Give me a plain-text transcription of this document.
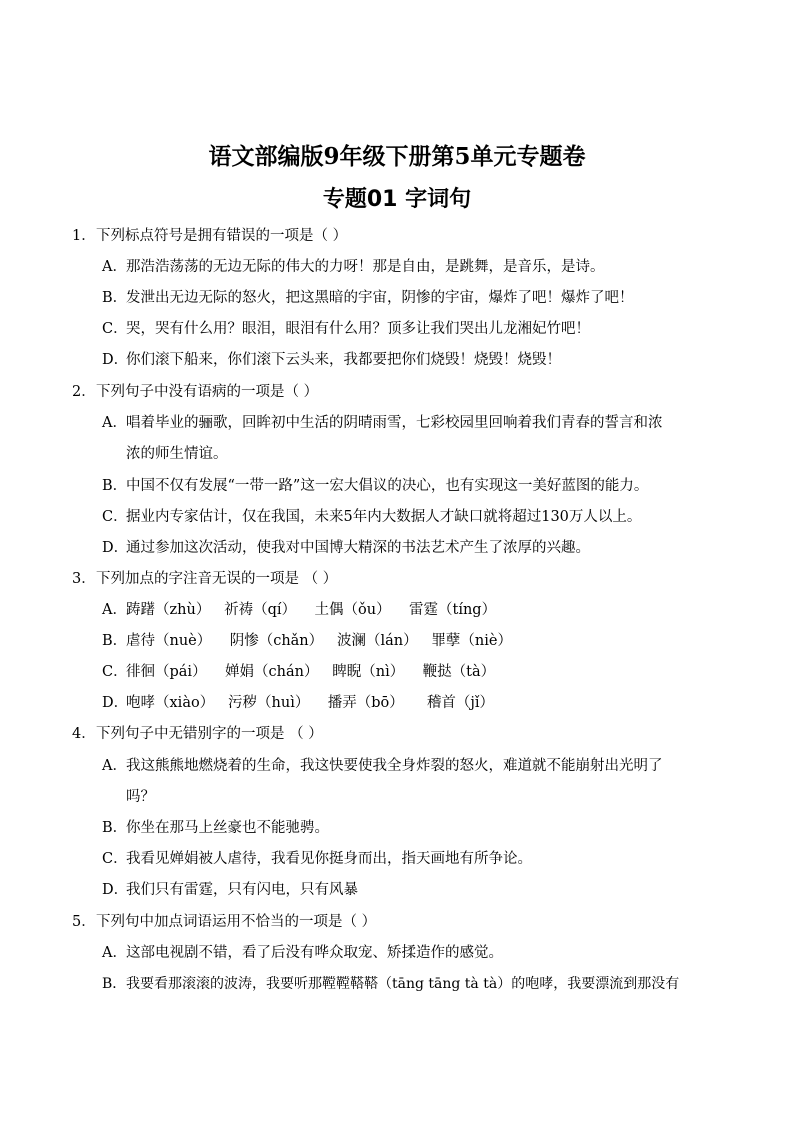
语文部编版9年级下册第5单元专题卷
专题01 字词句
1．下列标点符号是拥有错误的一项是（ ）
A．那浩浩荡荡的无边无际的伟大的力呀！那是自由，是跳舞，是音乐，是诗。
B．发泄出无边无际的怒火，把这黑暗的宇宙，阴惨的宇宙，爆炸了吧！爆炸了吧！
C．哭，哭有什么用？眼泪，眼泪有什么用？顶多让我们哭出儿龙湘妃竹吧！
D．你们滚下船来，你们滚下云头来，我都要把你们烧毁！烧毁！烧毁！
2．下列句子中没有语病的一项是（ ）
A．唱着毕业的骊歌，回眸初中生活的阴晴雨雪，七彩校园里回响着我们青春的誓言和浓
浓的师生情谊。
B．中国不仅有发展“一带一路”这一宏大倡议的决心，也有实现这一美好蓝图的能力。
C．据业内专家估计，仅在我国，未来5年内大数据人才缺口就将超过130万人以上。
D．通过参加这次活动，使我对中国博大精深的书法艺术产生了浓厚的兴趣。
3．下列加点的字注音无误的一项是 （ ）
A．踌躇（zhù）   祈祷（qí）    土偶（ǒu）    雷霆（tíng）
B．虐待（nuè）    阴惨（chǎn）   波澜（lán）   罪孽（niè）
C．徘徊（pái）    婵娟（chán）   睥睨（nì）    鞭挞（tà）
D．咆哮（xiào）   污秽（huì）    播弄（bō）     稽首（jǐ）
4．下列句子中无错别字的一项是 （ ）
A．我这熊熊地燃烧着的生命，我这快要使我全身炸裂的怒火，难道就不能崩射出光明了
吗？
B．你坐在那马上丝豪也不能驰骋。
C．我看见婵娟被人虐待，我看见你挺身而出，指天画地有所争论。
D．我们只有雷霆，只有闪电，只有风暴
5．下列句中加点词语运用不恰当的一项是（ ）
A．这部电视剧不错，看了后没有哗众取宠、矫揉造作的感觉。
B．我要看那滚滚的波涛，我要听那鞺鞺鞳鞳（tāng tāng tà tà）的咆哮，我要漂流到那没有
